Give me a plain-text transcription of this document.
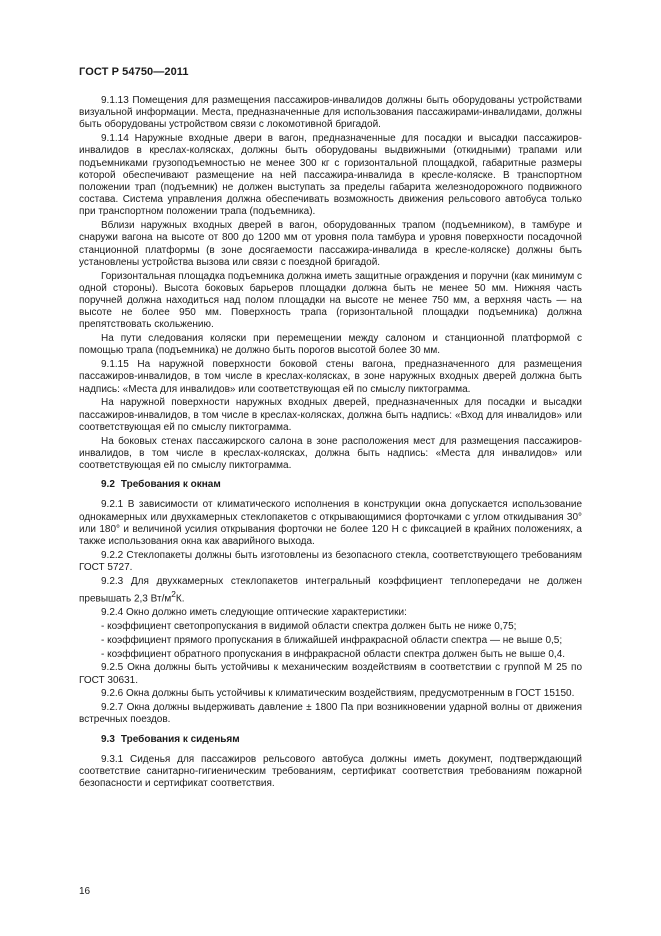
ГОСТ Р 54750—2011

9.1.13 Помещения для размещения пассажиров-инвалидов должны быть оборудованы устройствами визуальной информации. Места, предназначенные для использования пассажирами-инвалидами, должны быть оборудованы устройством связи с локомотивной бригадой.

9.1.14 Наружные входные двери в вагон, предназначенные для посадки и высадки пассажиров-инвалидов в креслах-колясках, должны быть оборудованы выдвижными (откидными) трапами или подъемниками грузоподъемностью не менее 300 кг с горизонтальной площадкой, габаритные размеры которой обеспечивают размещение на ней пассажира-инвалида в кресле-коляске. В транспортном положении трап (подъемник) не должен выступать за пределы габарита железнодорожного подвижного состава. Система управления должна обеспечивать возможность движения рельсового автобуса только при транспортном положении трапа (подъемника).

Вблизи наружных входных дверей в вагон, оборудованных трапом (подъемником), в тамбуре и снаружи вагона на высоте от 800 до 1200 мм от уровня пола тамбура и уровня поверхности посадочной станционной платформы (в зоне досягаемости пассажира-инвалида в кресле-коляске) должны быть установлены устройства вызова или связи с поездной бригадой.

Горизонтальная площадка подъемника должна иметь защитные ограждения и поручни (как минимум с одной стороны). Высота боковых барьеров площадки должна быть не менее 50 мм. Нижняя часть поручней должна находиться над полом площадки на высоте не менее 750 мм, а верхняя часть — на высоте не более 950 мм. Поверхность трапа (горизонтальной площадки подъемника) должна препятствовать скольжению.

На пути следования коляски при перемещении между салоном и станционной платформой с помощью трапа (подъемника) не должно быть порогов высотой более 30 мм.

9.1.15 На наружной поверхности боковой стены вагона, предназначенного для размещения пассажиров-инвалидов, в том числе в креслах-колясках, в зоне наружных входных дверей должна быть надпись: «Места для инвалидов» или соответствующая ей по смыслу пиктограмма.

На наружной поверхности наружных входных дверей, предназначенных для посадки и высадки пассажиров-инвалидов, в том числе в креслах-колясках, должна быть надпись: «Вход для инвалидов» или соответствующая ей по смыслу пиктограмма.

На боковых стенах пассажирского салона в зоне расположения мест для размещения пассажиров-инвалидов, в том числе в креслах-колясках, должна быть надпись: «Места для инвалидов» или соответствующая ей по смыслу пиктограмма.

9.2 Требования к окнам

9.2.1 В зависимости от климатического исполнения в конструкции окна допускается использование однокамерных или двухкамерных стеклопакетов с открывающимися форточками с углом откидывания 30° или 180° и величиной усилия открывания форточки не более 120 Н с фиксацией в крайних положениях, а также использования окна как аварийного выхода.

9.2.2 Стеклопакеты должны быть изготовлены из безопасного стекла, соответствующего требованиям ГОСТ 5727.

9.2.3 Для двухкамерных стеклопакетов интегральный коэффициент теплопередачи не должен превышать 2,3 $Вт/м^2К$.

9.2.4 Окно должно иметь следующие оптические характеристики:

- коэффициент светопропускания в видимой области спектра должен быть не ниже 0,75;

- коэффициент прямого пропускания в ближайшей инфракрасной области спектра — не выше 0,5;

- коэффициент обратного пропускания в инфракрасной области спектра должен быть не выше 0,4.

9.2.5 Окна должны быть устойчивы к механическим воздействиям в соответствии с группой М 25 по ГОСТ 30631.

9.2.6 Окна должны быть устойчивы к климатическим воздействиям, предусмотренным в ГОСТ 15150.

9.2.7 Окна должны выдерживать давление ± 1800 Па при возникновении ударной волны от движения встречных поездов.

9.3 Требования к сиденьям

9.3.1 Сиденья для пассажиров рельсового автобуса должны иметь документ, подтверждающий соответствие санитарно-гигиеническим требованиям, сертификат соответствия требованиям пожарной безопасности и сертификат соответствия.

16
